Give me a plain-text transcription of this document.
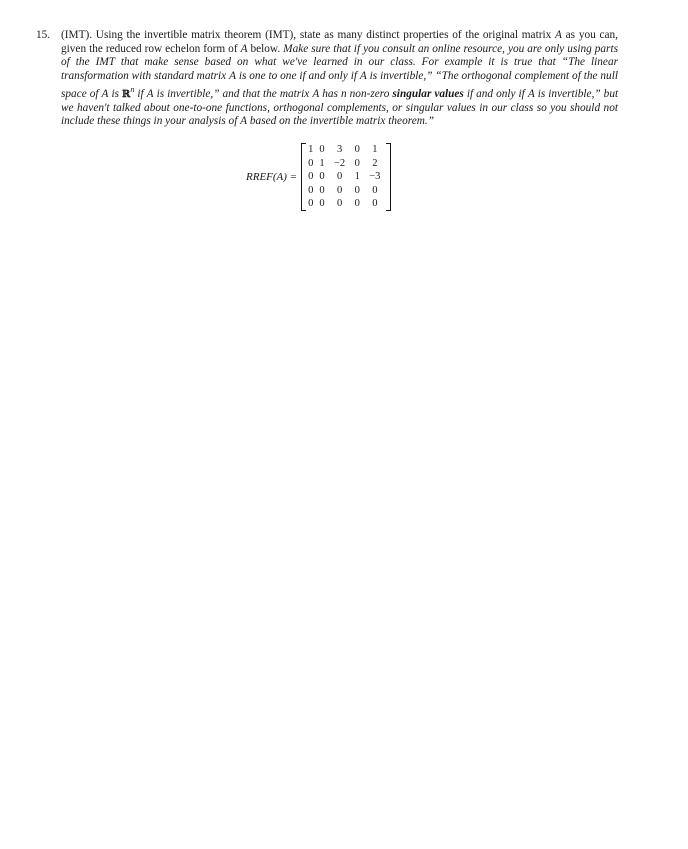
15. (IMT). Using the invertible matrix theorem (IMT), state as many distinct properties of the original matrix A as you can, given the reduced row echelon form of A below. Make sure that if you consult an online resource, you are only using parts of the IMT that make sense based on what we've learned in our class. For example it is true that “The linear transformation with standard matrix A is one to one if and only if A is invertible,” “The orthogonal complement of the null space of A is ℝ$^n$ if A is invertible,” and that the matrix A has n non-zero singular values if and only if A is invertible,” but we haven't talked about one-to-one functions, orthogonal complements, or singular values in our class so you should not include these things in your analysis of A based on the invertible matrix theorem.”
RREF(A) =
1	0	3	0	1
0	1	−2	0	2
0	0	0	1	−3
0	0	0	0	0
0	0	0	0	0
